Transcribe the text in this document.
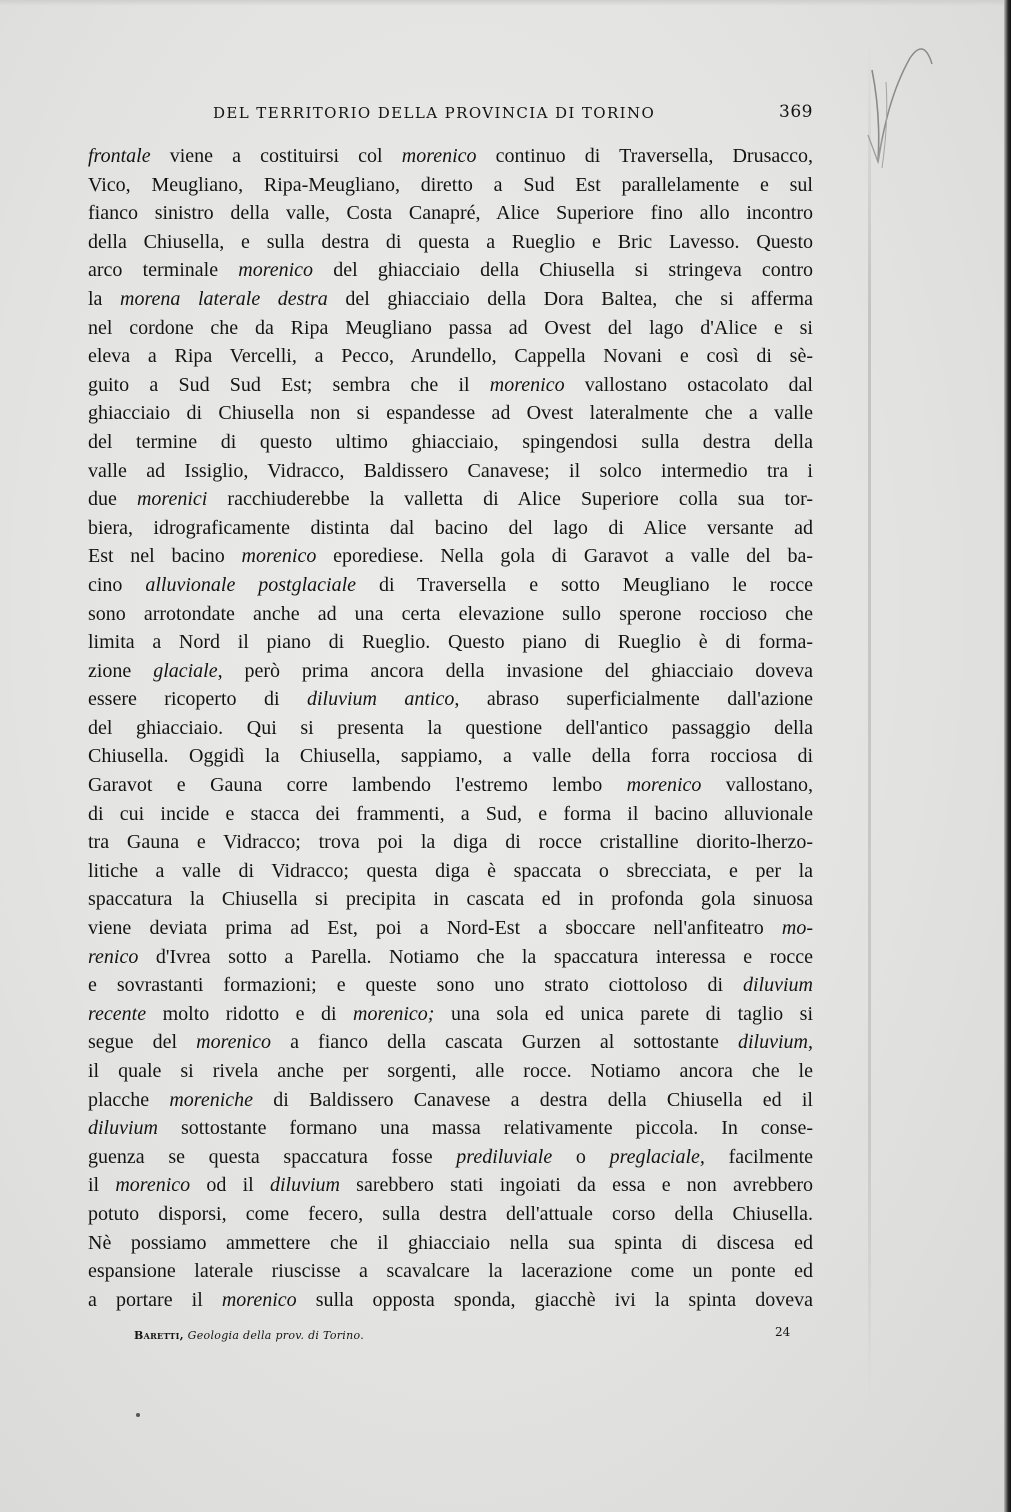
DEL TERRITORIO DELLA PROVINCIA DI TORINO	369
frontale viene a costituirsi col morenico continuo di Traversella, Drusacco,
Vico, Meugliano, Ripa-Meugliano, diretto a Sud Est parallelamente e sul
fianco sinistro della valle, Costa Canapré, Alice Superiore fino allo incontro
della Chiusella, e sulla destra di questa a Rueglio e Bric Lavesso. Questo
arco terminale morenico del ghiacciaio della Chiusella si stringeva contro
la morena laterale destra del ghiacciaio della Dora Baltea, che si afferma
nel cordone che da Ripa Meugliano passa ad Ovest del lago d'Alice e si
eleva a Ripa Vercelli, a Pecco, Arundello, Cappella Novani e così di sè-
guito a Sud Sud Est; sembra che il morenico vallostano ostacolato dal
ghiacciaio di Chiusella non si espandesse ad Ovest lateralmente che a valle
del termine di questo ultimo ghiacciaio, spingendosi sulla destra della
valle ad Issiglio, Vidracco, Baldissero Canavese; il solco intermedio tra i
due morenici racchiuderebbe la valletta di Alice Superiore colla sua tor-
biera, idrograficamente distinta dal bacino del lago di Alice versante ad
Est nel bacino morenico eporediese. Nella gola di Garavot a valle del ba-
cino alluvionale postglaciale di Traversella e sotto Meugliano le rocce
sono arrotondate anche ad una certa elevazione sullo sperone roccioso che
limita a Nord il piano di Rueglio. Questo piano di Rueglio è di forma-
zione glaciale, però prima ancora della invasione del ghiacciaio doveva
essere ricoperto di diluvium antico, abraso superficialmente dall'azione
del ghiacciaio. Qui si presenta la questione dell'antico passaggio della
Chiusella. Oggidì la Chiusella, sappiamo, a valle della forra rocciosa di
Garavot e Gauna corre lambendo l'estremo lembo morenico vallostano,
di cui incide e stacca dei frammenti, a Sud, e forma il bacino alluvionale
tra Gauna e Vidracco; trova poi la diga di rocce cristalline diorito-lherzo-
litiche a valle di Vidracco; questa diga è spaccata o sbrecciata, e per la
spaccatura la Chiusella si precipita in cascata ed in profonda gola sinuosa
viene deviata prima ad Est, poi a Nord-Est a sboccare nell'anfiteatro mo-
renico d'Ivrea sotto a Parella. Notiamo che la spaccatura interessa e rocce
e sovrastanti formazioni; e queste sono uno strato ciottoloso di diluvium
recente molto ridotto e di morenico; una sola ed unica parete di taglio si
segue del morenico a fianco della cascata Gurzen al sottostante diluvium,
il quale si rivela anche per sorgenti, alle rocce. Notiamo ancora che le
placche moreniche di Baldissero Canavese a destra della Chiusella ed il
diluvium sottostante formano una massa relativamente piccola. In conse-
guenza se questa spaccatura fosse prediluviale o preglaciale, facilmente
il morenico od il diluvium sarebbero stati ingoiati da essa e non avrebbero
potuto disporsi, come fecero, sulla destra dell'attuale corso della Chiusella.
Nè possiamo ammettere che il ghiacciaio nella sua spinta di discesa ed
espansione laterale riuscisse a scavalcare la lacerazione come un ponte ed
a portare il morenico sulla opposta sponda, giacchè ivi la spinta doveva
Baretti, Geologia della prov. di Torino.	24
